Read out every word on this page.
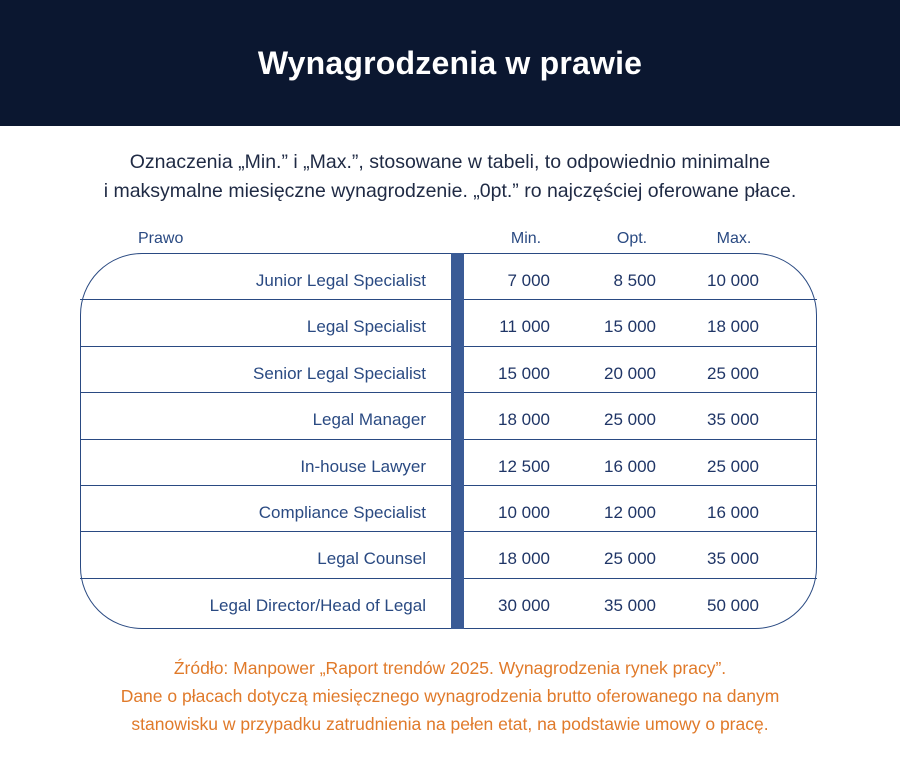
Wynagrodzenia w prawie
Oznaczenia „Min.” i „Max.”, stosowane w tabeli, to odpowiednio minimalne
i maksymalne miesięczne wynagrodzenie. „0pt.” ro najczęściej oferowane płace.
Prawo	Min.	Opt.	Max.
Junior Legal Specialist	7 000	8 500	10 000
Legal Specialist	11 000	15 000	18 000
Senior Legal Specialist	15 000	20 000	25 000
Legal Manager	18 000	25 000	35 000
In-house Lawyer	12 500	16 000	25 000
Compliance Specialist	10 000	12 000	16 000
Legal Counsel	18 000	25 000	35 000
Legal Director/Head of Legal	30 000	35 000	50 000
Źródło: Manpower „Raport trendów 2025. Wynagrodzenia rynek pracy”.
Dane o płacach dotyczą miesięcznego wynagrodzenia brutto oferowanego na danym
stanowisku w przypadku zatrudnienia na pełen etat, na podstawie umowy o pracę.
